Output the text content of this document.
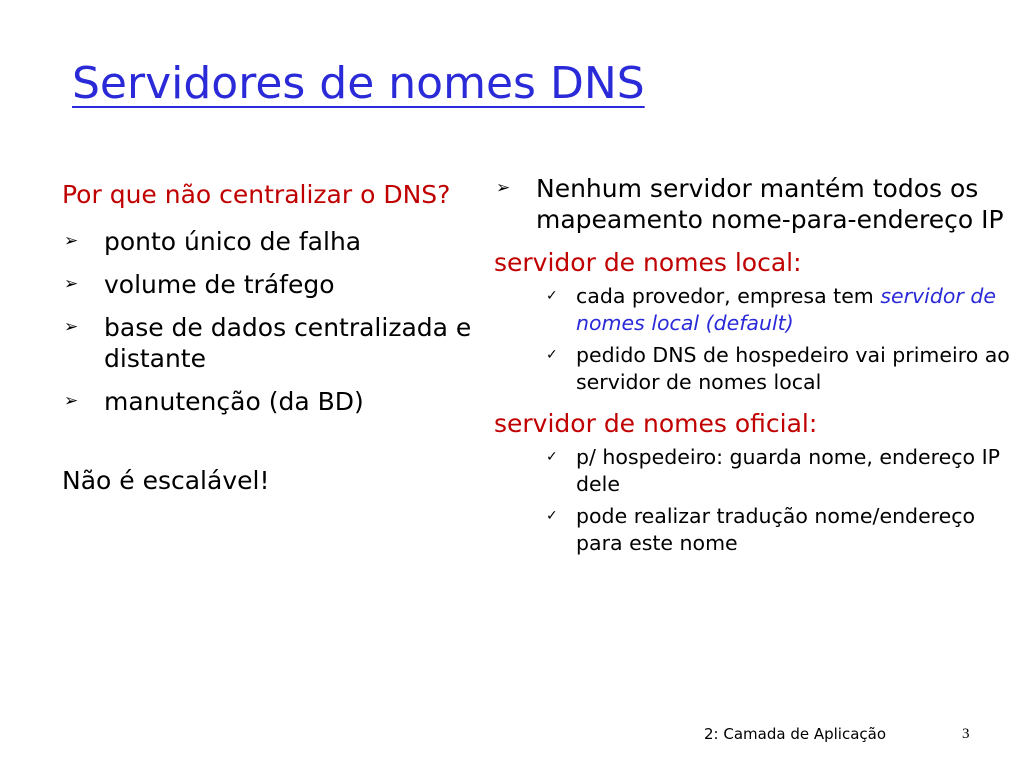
Servidores de nomes DNS
Por que não centralizar o DNS?
➢	ponto único de falha
➢	volume de tráfego
➢	base de dados centralizada e distante
➢	manutenção (da BD)
Não é escalável!
➢	Nenhum servidor mantém todos os mapeamento nome-para-endereço IP
servidor de nomes local:
✓ cada provedor, empresa tem servidor de nomes local (default)
✓ pedido DNS de hospedeiro vai primeiro ao servidor de nomes local
servidor de nomes oficial:
✓ p/ hospedeiro: guarda nome, endereço IP dele
✓ pode realizar tradução nome/endereço para este nome
2: Camada de Aplicação	3
